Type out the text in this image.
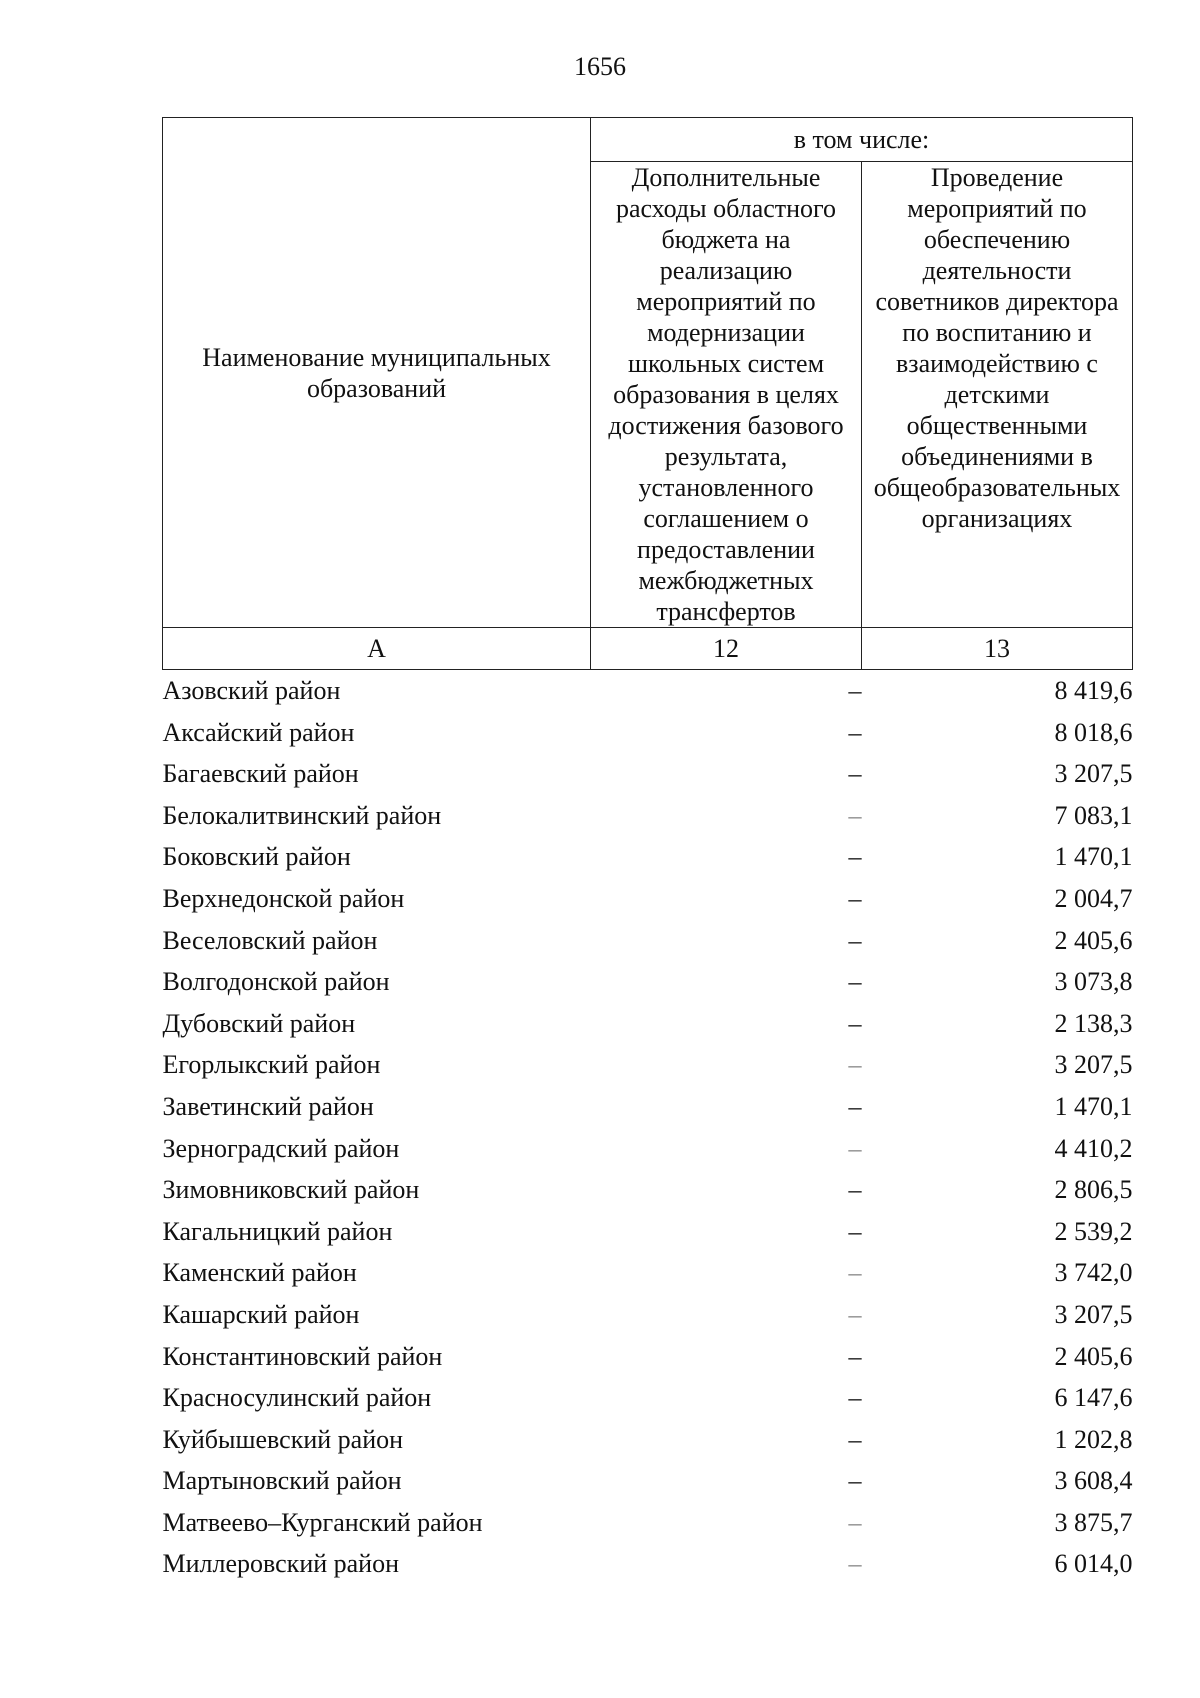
1656
Наименование муниципальных образований	в том числе:	
	Дополнительные расходы областного бюджета на реализацию мероприятий по модернизации школьных систем образования в целях достижения базового результата, установленного соглашением о предоставлении межбюджетных трансфертов	Проведение мероприятий по обеспечению деятельности советников директора по воспитанию и взаимодействию с детскими общественными объединениями в общеобразовательных организациях
А	12	13
Азовский район	–	8 419,6
Аксайский район	–	8 018,6
Багаевский район	–	3 207,5
Белокалитвинский район	–	7 083,1
Боковский район	–	1 470,1
Верхнедонской район	–	2 004,7
Веселовский район	–	2 405,6
Волгодонской район	–	3 073,8
Дубовский район	–	2 138,3
Егорлыкский район	–	3 207,5
Заветинский район	–	1 470,1
Зерноградский район	–	4 410,2
Зимовниковский район	–	2 806,5
Кагальницкий район	–	2 539,2
Каменский район	–	3 742,0
Кашарский район	–	3 207,5
Константиновский район	–	2 405,6
Красносулинский район	–	6 147,6
Куйбышевский район	–	1 202,8
Мартыновский район	–	3 608,4
Матвеево–Курганский район	–	3 875,7
Миллеровский район	–	6 014,0
